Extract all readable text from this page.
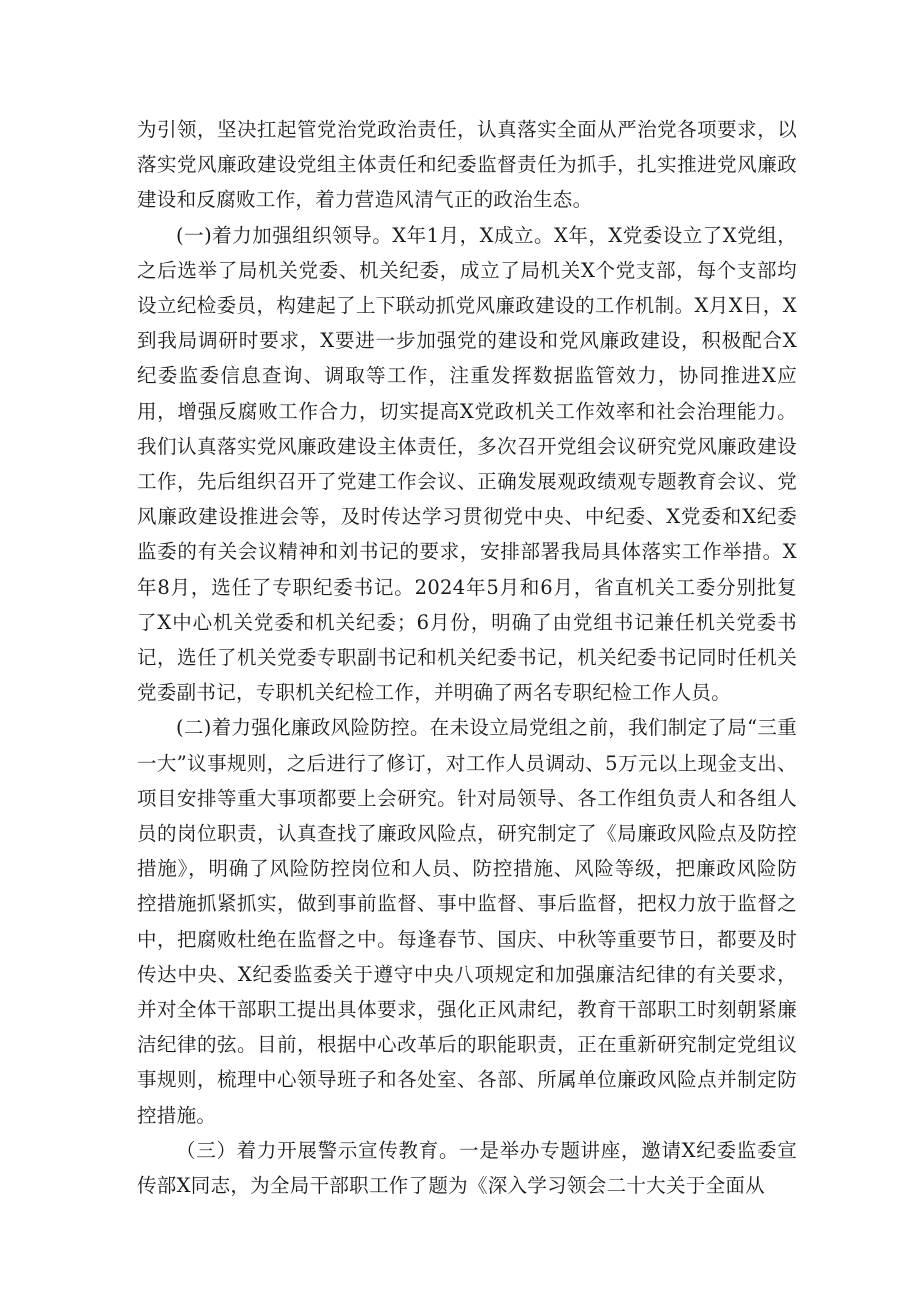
为引领，坚决扛起管党治党政治责任，认真落实全面从严治党各项要求，以落实党风廉政建设党组主体责任和纪委监督责任为抓手，扎实推进党风廉政建设和反腐败工作，着力营造风清气正的政治生态。

(一)着力加强组织领导。X年1月，X成立。X年，X党委设立了X党组，之后选举了局机关党委、机关纪委，成立了局机关X个党支部，每个支部均设立纪检委员，构建起了上下联动抓党风廉政建设的工作机制。X月X日，X到我局调研时要求，X要进一步加强党的建设和党风廉政建设，积极配合X纪委监委信息查询、调取等工作，注重发挥数据监管效力，协同推进X应用，增强反腐败工作合力，切实提高X党政机关工作效率和社会治理能力。我们认真落实党风廉政建设主体责任，多次召开党组会议研究党风廉政建设工作，先后组织召开了党建工作会议、正确发展观政绩观专题教育会议、党风廉政建设推进会等，及时传达学习贯彻党中央、中纪委、X党委和X纪委监委的有关会议精神和刘书记的要求，安排部署我局具体落实工作举措。X年8月，选任了专职纪委书记。2024年5月和6月，省直机关工委分别批复了X中心机关党委和机关纪委；6月份，明确了由党组书记兼任机关党委书记，选任了机关党委专职副书记和机关纪委书记，机关纪委书记同时任机关党委副书记，专职机关纪检工作，并明确了两名专职纪检工作人员。

(二)着力强化廉政风险防控。在未设立局党组之前，我们制定了局“三重一大”议事规则，之后进行了修订，对工作人员调动、5万元以上现金支出、项目安排等重大事项都要上会研究。针对局领导、各工作组负责人和各组人员的岗位职责，认真查找了廉政风险点，研究制定了《局廉政风险点及防控措施》，明确了风险防控岗位和人员、防控措施、风险等级，把廉政风险防控措施抓紧抓实，做到事前监督、事中监督、事后监督，把权力放于监督之中，把腐败杜绝在监督之中。每逢春节、国庆、中秋等重要节日，都要及时传达中央、X纪委监委关于遵守中央八项规定和加强廉洁纪律的有关要求，并对全体干部职工提出具体要求，强化正风肃纪，教育干部职工时刻朝紧廉洁纪律的弦。目前，根据中心改革后的职能职责，正在重新研究制定党组议事规则，梳理中心领导班子和各处室、各部、所属单位廉政风险点并制定防控措施。

（三）着力开展警示宣传教育。一是举办专题讲座，邀请X纪委监委宣传部X同志，为全局干部职工作了题为《深入学习领会二十大关于全面从
